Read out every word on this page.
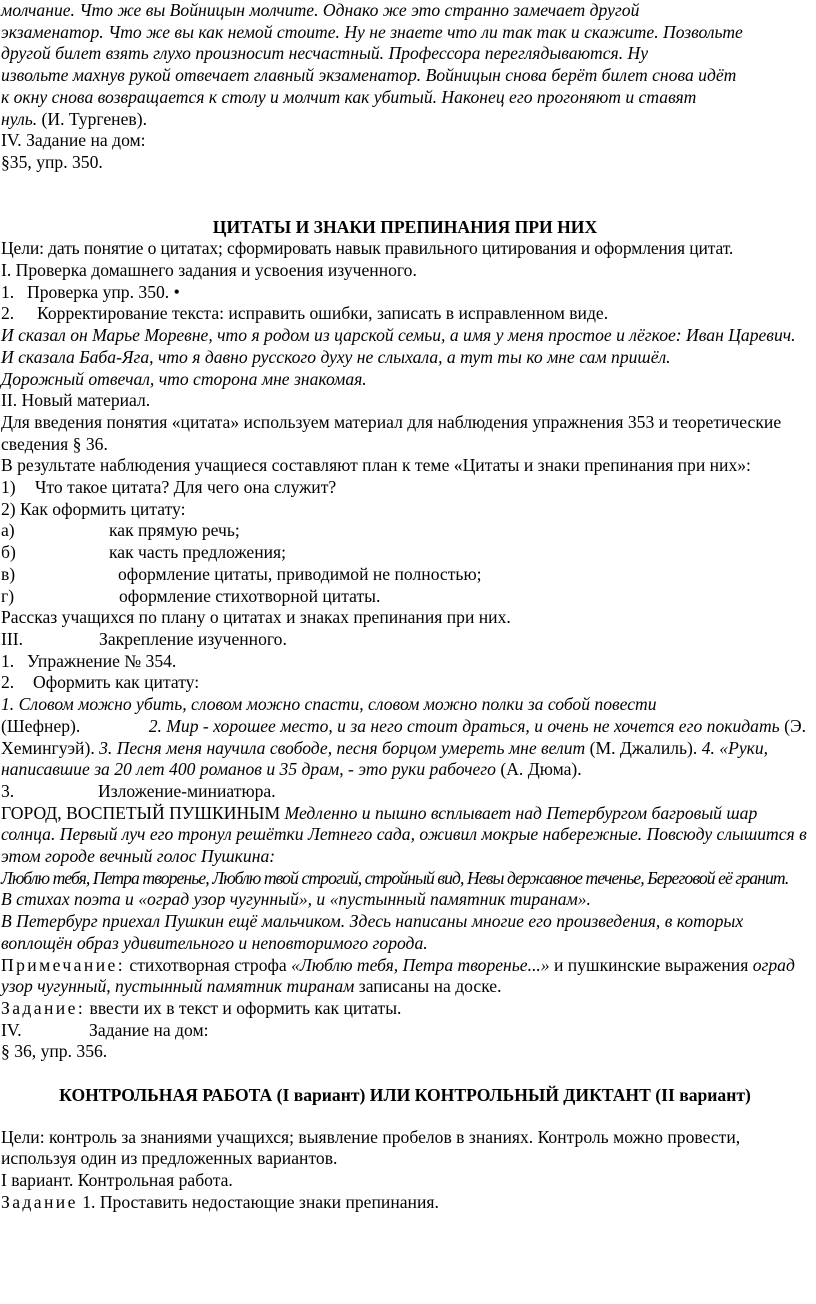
молчание. Что же вы Войницын молчите. Однако же это странно замечает другой

экзаменатор. Что же вы как немой стоите. Ну не знаете что ли так так и скажите. Позвольте

другой билет взять глухо произносит несчастный. Профессора переглядываются. Ну

извольте махнув рукой отвечает главный экзаменатор. Войницын снова берёт билет снова идёт

к окну снова возвращается к столу и молчит как убитый. Наконец его прогоняют и ставят

нуль. (И. Тургенев).

IV. Задание на дом:

§35, упр. 350.

ЦИТАТЫ И ЗНАКИ ПРЕПИНАНИЯ ПРИ НИХ

Цели: дать понятие о цитатах; сформировать навык правильного цитирования и оформления цитат.

I. Проверка домашнего задания и усвоения изученного.

1. Проверка упр. 350. •

2. Корректирование текста: исправить ошибки, записать в исправленном виде.

И сказал он Марье Моревне, что я родом из царской семьи, а имя у меня простое и лёгкое: Иван Царевич.

И сказала Баба-Яга, что я давно русского духу не слыхала, а тут ты ко мне сам пришёл.

Дорожный отвечал, что сторона мне знакомая.

II. Новый материал.

Для введения понятия «цитата» используем материал для наблюдения упражнения 353 и теоретические сведения § 36.

В результате наблюдения учащиеся составляют план к теме «Цитаты и знаки препинания при них»:

1) Что такое цитата? Для чего она служит?

2) Как оформить цитату:

а)	как прямую речь;

б)	как часть предложения;

в)	оформление цитаты, приводимой не полностью;

г)	оформление стихотворной цитаты.

Рассказ учащихся по плану о цитатах и знаках препинания при них.

III.	Закрепление изученного.

1. Упражнение № 354.

2. Оформить как цитату:

1. Словом можно убить, словом можно спасти, словом можно полки за собой повести (Шефнер).	2. Мир - хорошее место, и за него стоит драться, и очень не хочется его покидать (Э. Хемингуэй). 3. Песня меня научила свободе, песня борцом умереть мне велит (М. Джалиль). 4. «Руки, написавшие за 20 лет 400 романов и 35 драм, - это руки рабочего (А. Дюма).

3.	Изложение-миниатюра.

ГОРОД, ВОСПЕТЫЙ ПУШКИНЫМ Медленно и пышно всплывает над Петербургом багровый шар солнца. Первый луч его тронул решётки Летнего сада, оживил мокрые набережные. Повсюду слышится в этом городе вечный голос Пушкина:

Люблю тебя, Петра творенье, Люблю твой строгий, стройный вид, Невы державное теченье, Береговой её гранит.

В стихах поэта и «оград узор чугунный», и «пустынный памятник тиранам».

В Петербург приехал Пушкин ещё мальчиком. Здесь написаны многие его произведения, в которых воплощён образ удивительного и неповторимого города.

Примечание: стихотворная строфа «Люблю тебя, Петра творенье...» и пушкинские выражения оград узор чугунный, пустынный памятник тиранам записаны на доске.

Задание: ввести их в текст и оформить как цитаты.

IV.	Задание на дом:

§ 36, упр. 356.

КОНТРОЛЬНАЯ РАБОТА (I вариант) ИЛИ КОНТРОЛЬНЫЙ ДИКТАНТ (II вариант)

Цели: контроль за знаниями учащихся; выявление пробелов в знаниях. Контроль можно провести, используя один из предложенных вариантов.

I вариант. Контрольная работа.

Задание 1. Проставить недостающие знаки препинания.
